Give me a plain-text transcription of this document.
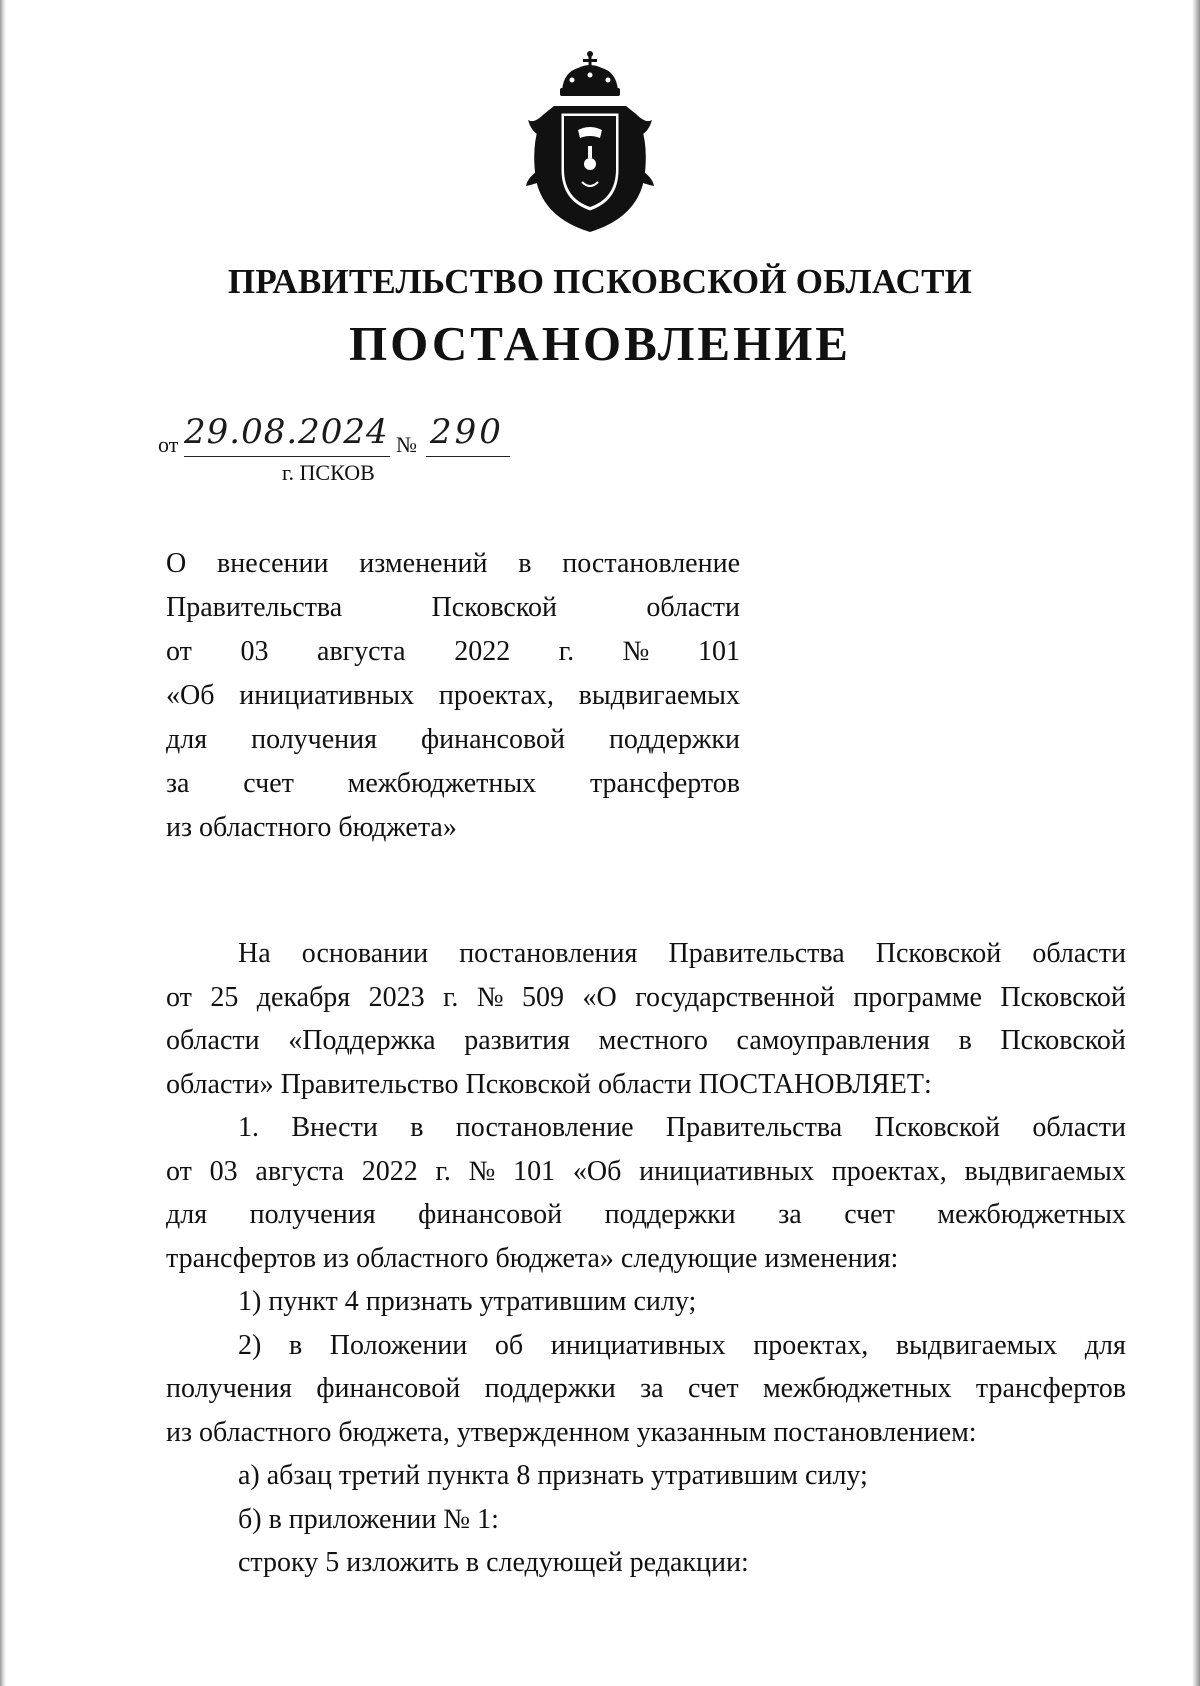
ПРАВИТЕЛЬСТВО ПСКОВСКОЙ ОБЛАСТИ
ПОСТАНОВЛЕНИЕ
от 29.08.2024 № 290
г. ПСКОВ
О внесении изменений в постановление
Правительства	Псковской	области
от 03 августа 2022 г. № 101
«Об инициативных проектах, выдвигаемых
для получения финансовой поддержки
за счет межбюджетных трансфертов
из областного бюджета»
На основании постановления Правительства Псковской области
от 25 декабря 2023 г. № 509 «О государственной программе Псковской
области «Поддержка развития местного самоуправления в Псковской
области» Правительство Псковской области ПОСТАНОВЛЯЕТ:
1. Внести в постановление Правительства Псковской области
от 03 августа 2022 г. № 101 «Об инициативных проектах, выдвигаемых
для получения финансовой поддержки за счет межбюджетных
трансфертов из областного бюджета» следующие изменения:
1) пункт 4 признать утратившим силу;
2) в Положении об инициативных проектах, выдвигаемых для
получения финансовой поддержки за счет межбюджетных трансфертов
из областного бюджета, утвержденном указанным постановлением:
а) абзац третий пункта 8 признать утратившим силу;
б) в приложении № 1:
строку 5 изложить в следующей редакции:
